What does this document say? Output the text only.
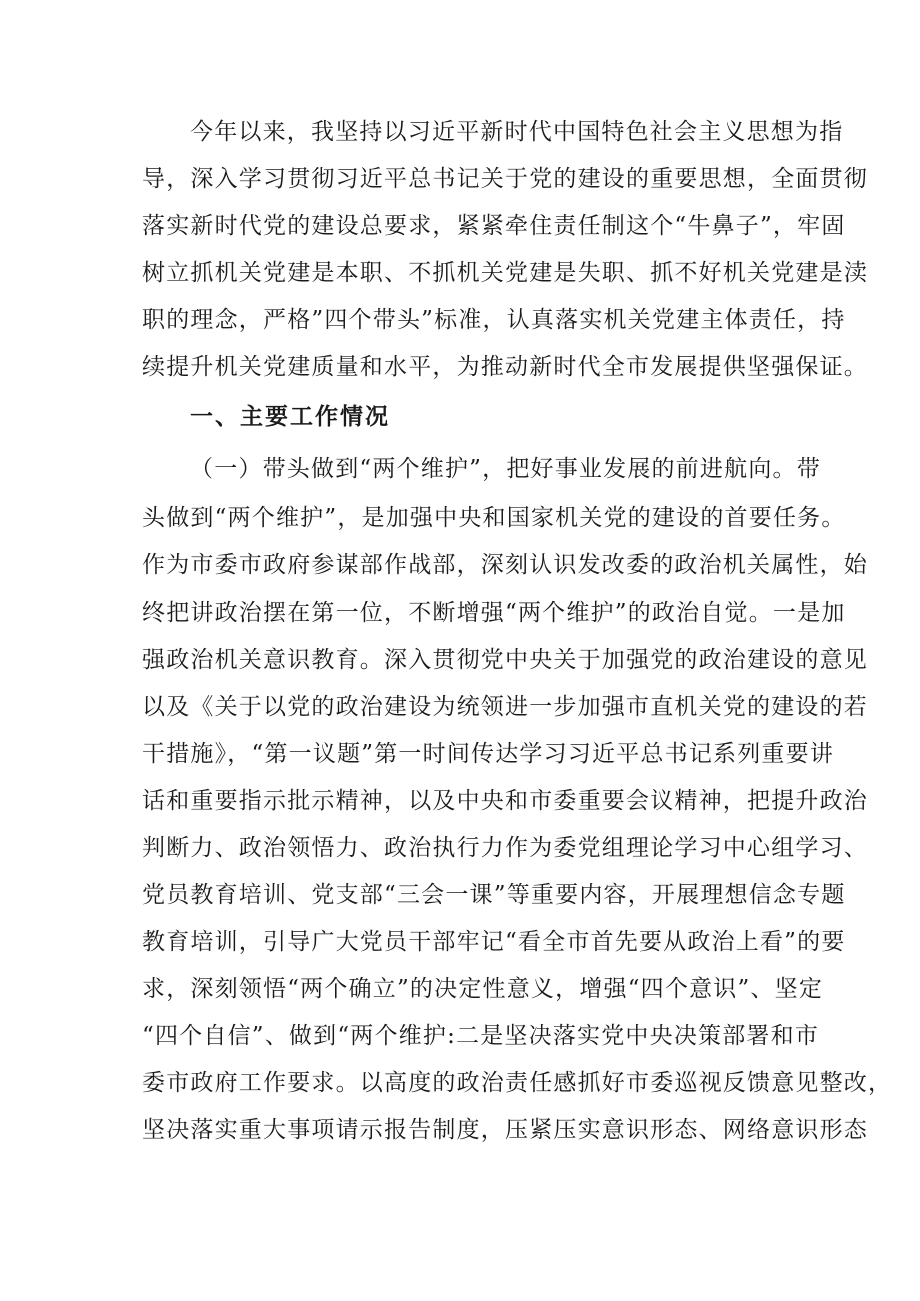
今年以来，我坚持以习近平新时代中国特色社会主义思想为指
导，深入学习贯彻习近平总书记关于党的建设的重要思想，全面贯彻
落实新时代党的建设总要求，紧紧牵住责任制这个“牛鼻子”，牢固
树立抓机关党建是本职、不抓机关党建是失职、抓不好机关党建是渎
职的理念，严格”四个带头”标准，认真落实机关党建主体责任，持
续提升机关党建质量和水平，为推动新时代全市发展提供坚强保证。
一、主要工作情况
（一）带头做到“两个维护”，把好事业发展的前进航向。带
头做到“两个维护”，是加强中央和国家机关党的建设的首要任务。
作为市委市政府参谋部作战部，深刻认识发改委的政治机关属性，始
终把讲政治摆在第一位，不断增强“两个维护”的政治自觉。一是加
强政治机关意识教育。深入贯彻党中央关于加强党的政治建设的意见
以及《关于以党的政治建设为统领进一步加强市直机关党的建设的若
干措施》，“第一议题”第一时间传达学习习近平总书记系列重要讲
话和重要指示批示精神，以及中央和市委重要会议精神，把提升政治
判断力、政治领悟力、政治执行力作为委党组理论学习中心组学习、
党员教育培训、党支部“三会一课”等重要内容，开展理想信念专题
教育培训，引导广大党员干部牢记“看全市首先要从政治上看”的要
求，深刻领悟“两个确立”的决定性意义，增强“四个意识”、坚定
“四个自信”、做到“两个维护:二是坚决落实党中央决策部署和市
委市政府工作要求。以高度的政治责任感抓好市委巡视反馈意见整改，
坚决落实重大事项请示报告制度，压紧压实意识形态、网络意识形态
